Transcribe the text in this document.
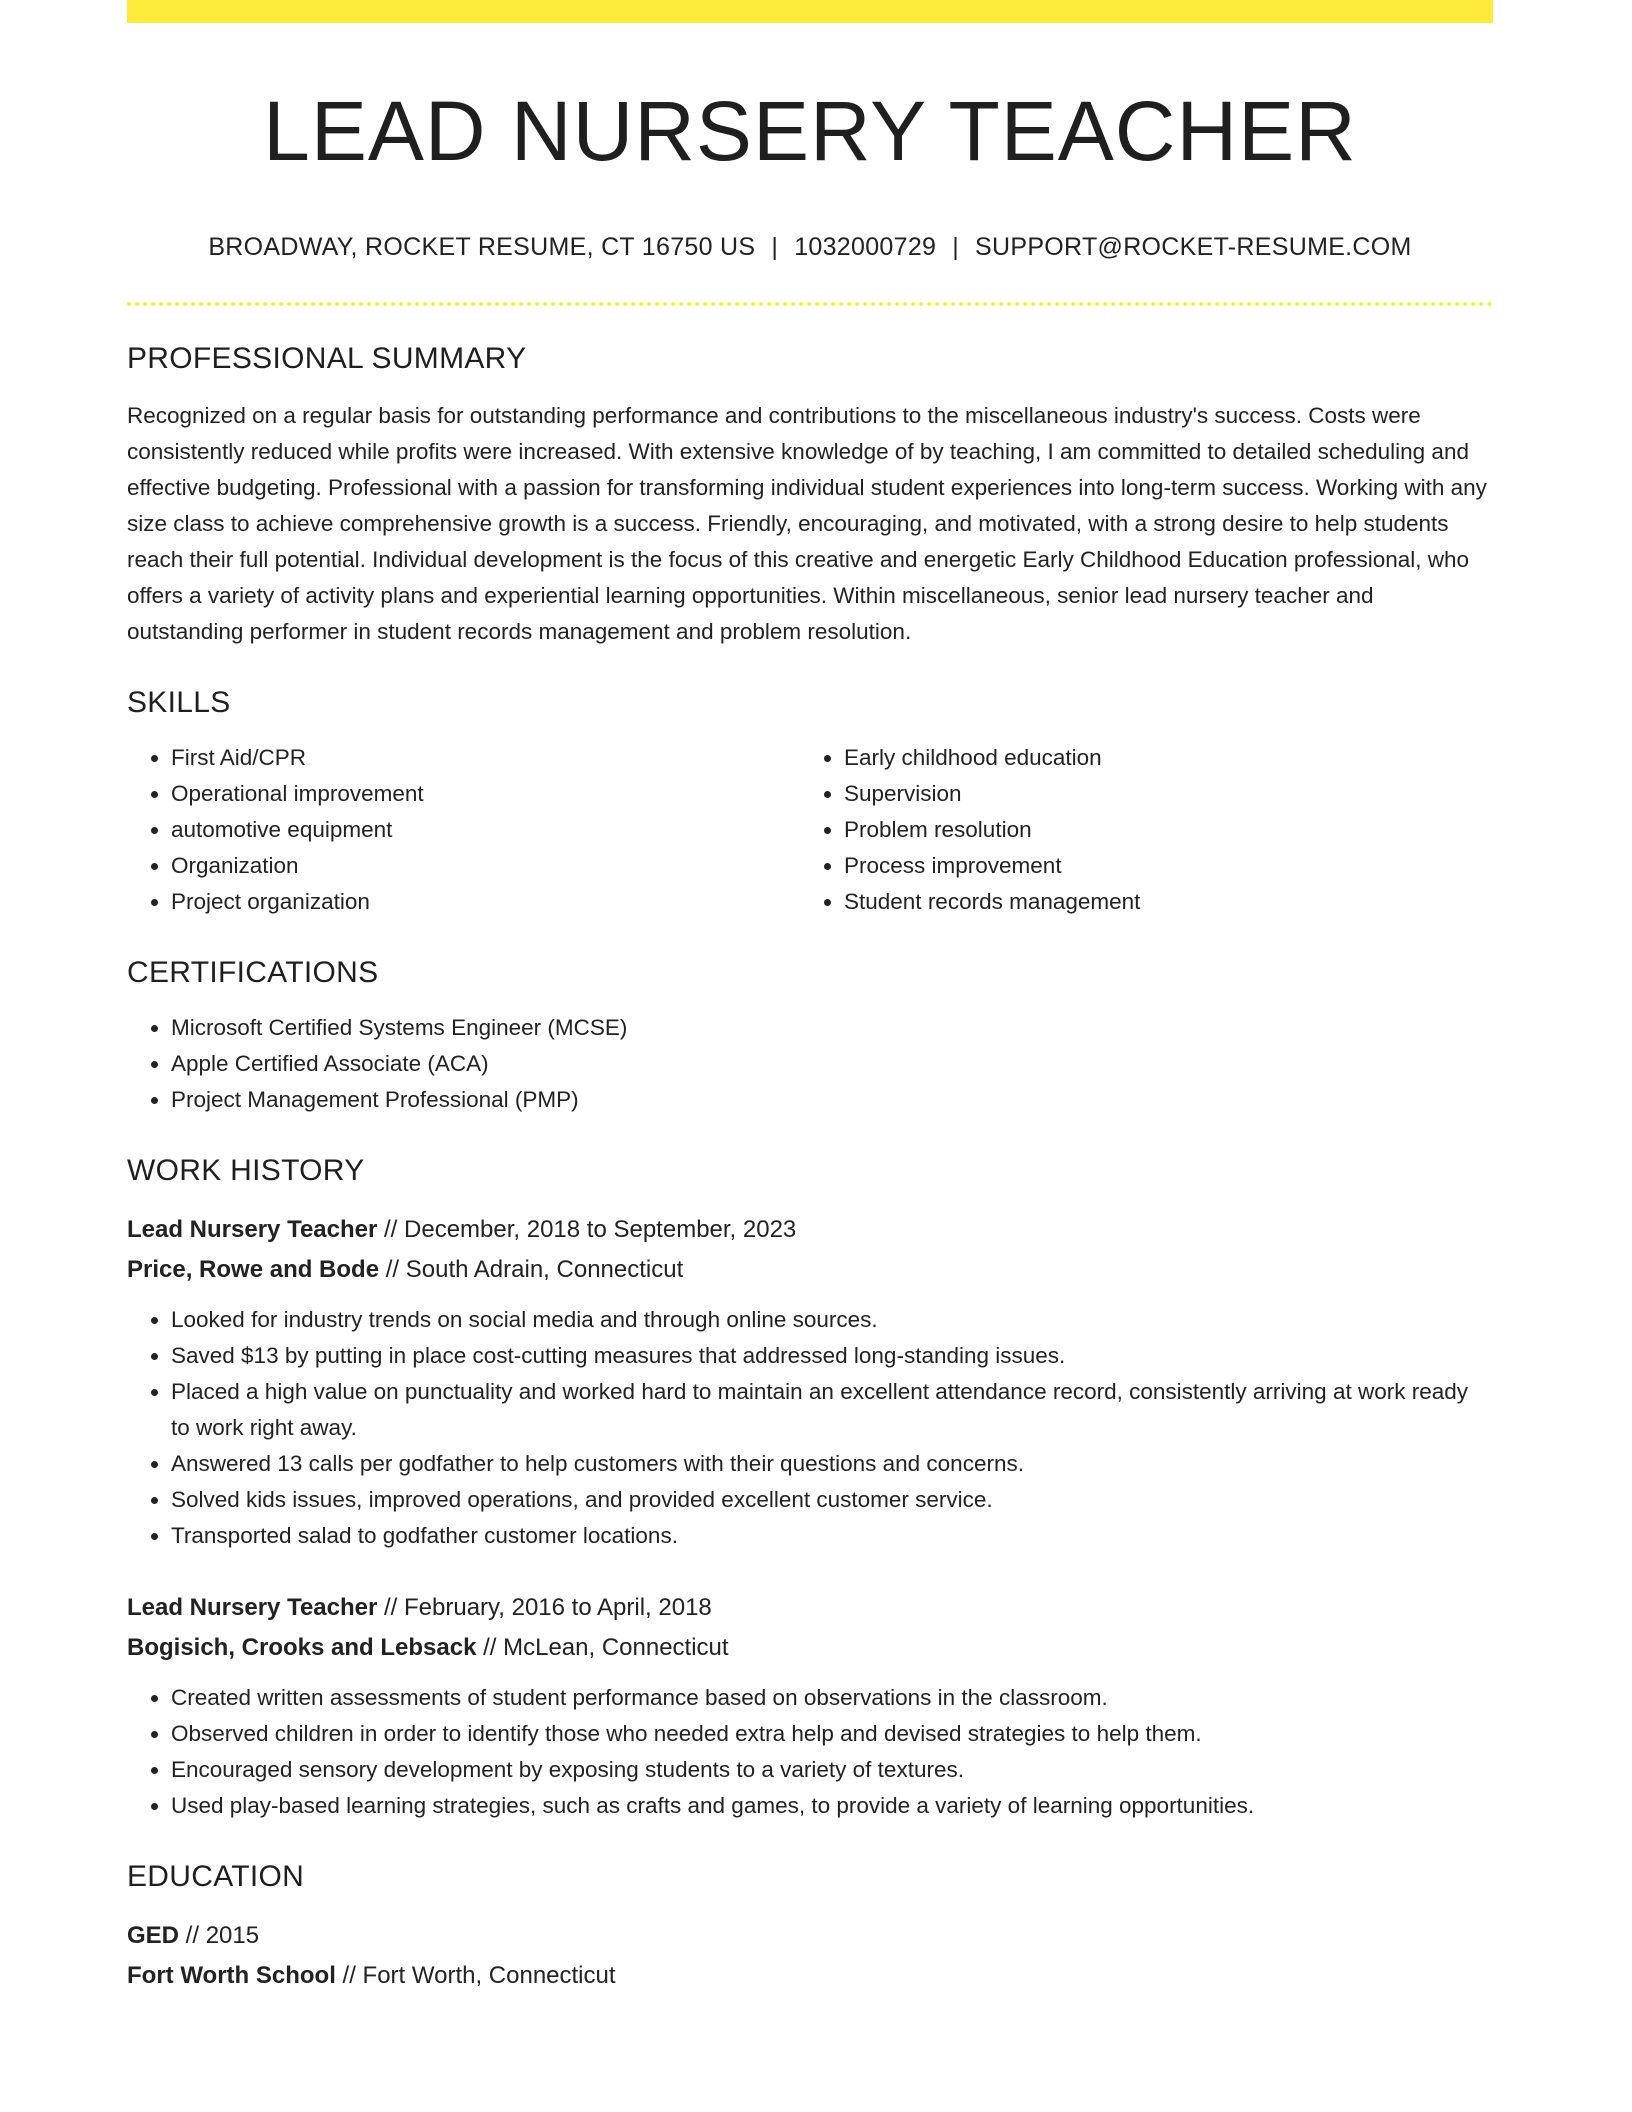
LEAD NURSERY TEACHER
BROADWAY, ROCKET RESUME, CT 16750 US | 1032000729 | SUPPORT@ROCKET-RESUME.COM
PROFESSIONAL SUMMARY

Recognized on a regular basis for outstanding performance and contributions to the miscellaneous industry's success. Costs were consistently reduced while profits were increased. With extensive knowledge of by teaching, I am committed to detailed scheduling and effective budgeting. Professional with a passion for transforming individual student experiences into long-term success. Working with any size class to achieve comprehensive growth is a success. Friendly, encouraging, and motivated, with a strong desire to help students reach their full potential. Individual development is the focus of this creative and energetic Early Childhood Education professional, who offers a variety of activity plans and experiential learning opportunities. Within miscellaneous, senior lead nursery teacher and outstanding performer in student records management and problem resolution.

SKILLS
• First Aid/CPR
• Operational improvement
• automotive equipment
• Organization
• Project organization
• Early childhood education
• Supervision
• Problem resolution
• Process improvement
• Student records management
CERTIFICATIONS
• Microsoft Certified Systems Engineer (MCSE)
• Apple Certified Associate (ACA)
• Project Management Professional (PMP)
WORK HISTORY
Lead Nursery Teacher // December, 2018 to September, 2023
Price, Rowe and Bode // South Adrain, Connecticut
• Looked for industry trends on social media and through online sources.
• Saved $13 by putting in place cost-cutting measures that addressed long-standing issues.
• Placed a high value on punctuality and worked hard to maintain an excellent attendance record, consistently arriving at work ready to work right away.
• Answered 13 calls per godfather to help customers with their questions and concerns.
• Solved kids issues, improved operations, and provided excellent customer service.
• Transported salad to godfather customer locations.
Lead Nursery Teacher // February, 2016 to April, 2018
Bogisich, Crooks and Lebsack // McLean, Connecticut
• Created written assessments of student performance based on observations in the classroom.
• Observed children in order to identify those who needed extra help and devised strategies to help them.
• Encouraged sensory development by exposing students to a variety of textures.
• Used play-based learning strategies, such as crafts and games, to provide a variety of learning opportunities.
EDUCATION
GED // 2015
Fort Worth School // Fort Worth, Connecticut
